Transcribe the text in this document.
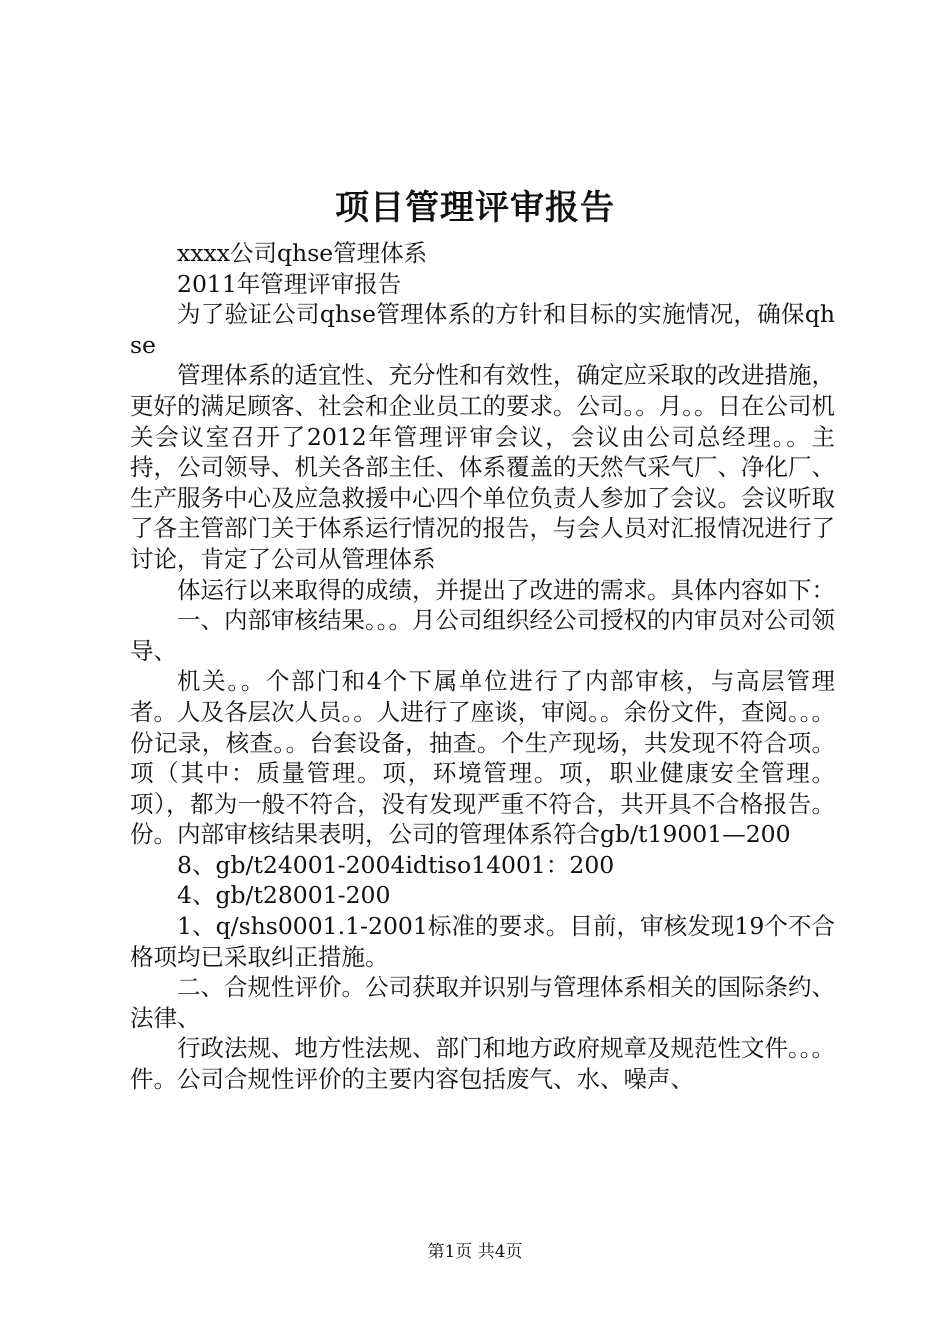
项目管理评审报告

xxxx公司qhse管理体系

2011年管理评审报告

为了验证公司qhse管理体系的方针和目标的实施情况，确保qhse

管理体系的适宜性、充分性和有效性，确定应采取的改进措施，更好的满足顾客、社会和企业员工的要求。公司。。月。。日在公司机关会议室召开了2012年管理评审会议，会议由公司总经理。。主持，公司领导、机关各部主任、体系覆盖的天然气采气厂、净化厂、生产服务中心及应急救援中心四个单位负责人参加了会议。会议听取了各主管部门关于体系运行情况的报告，与会人员对汇报情况进行了讨论，肯定了公司从管理体系

体运行以来取得的成绩，并提出了改进的需求。具体内容如下：

一、内部审核结果。。。月公司组织经公司授权的内审员对公司领导、

机关。。个部门和4个下属单位进行了内部审核，与高层管理者。人及各层次人员。。人进行了座谈，审阅。。余份文件，查阅。。。份记录，核查。。台套设备，抽查。个生产现场，共发现不符合项。项（其中：质量管理。项，环境管理。项，职业健康安全管理。项），都为一般不符合，没有发现严重不符合，共开具不合格报告。份。内部审核结果表明，公司的管理体系符合gb/t19001—200

8、gb/t24001-2004idtiso14001：200

4、gb/t28001-200

1、q/shs0001.1-2001标准的要求。目前，审核发现19个不合格项均已采取纠正措施。

二、合规性评价。公司获取并识别与管理体系相关的国际条约、法律、

行政法规、地方性法规、部门和地方政府规章及规范性文件。。。件。公司合规性评价的主要内容包括废气、水、噪声、

第1页 共4页
